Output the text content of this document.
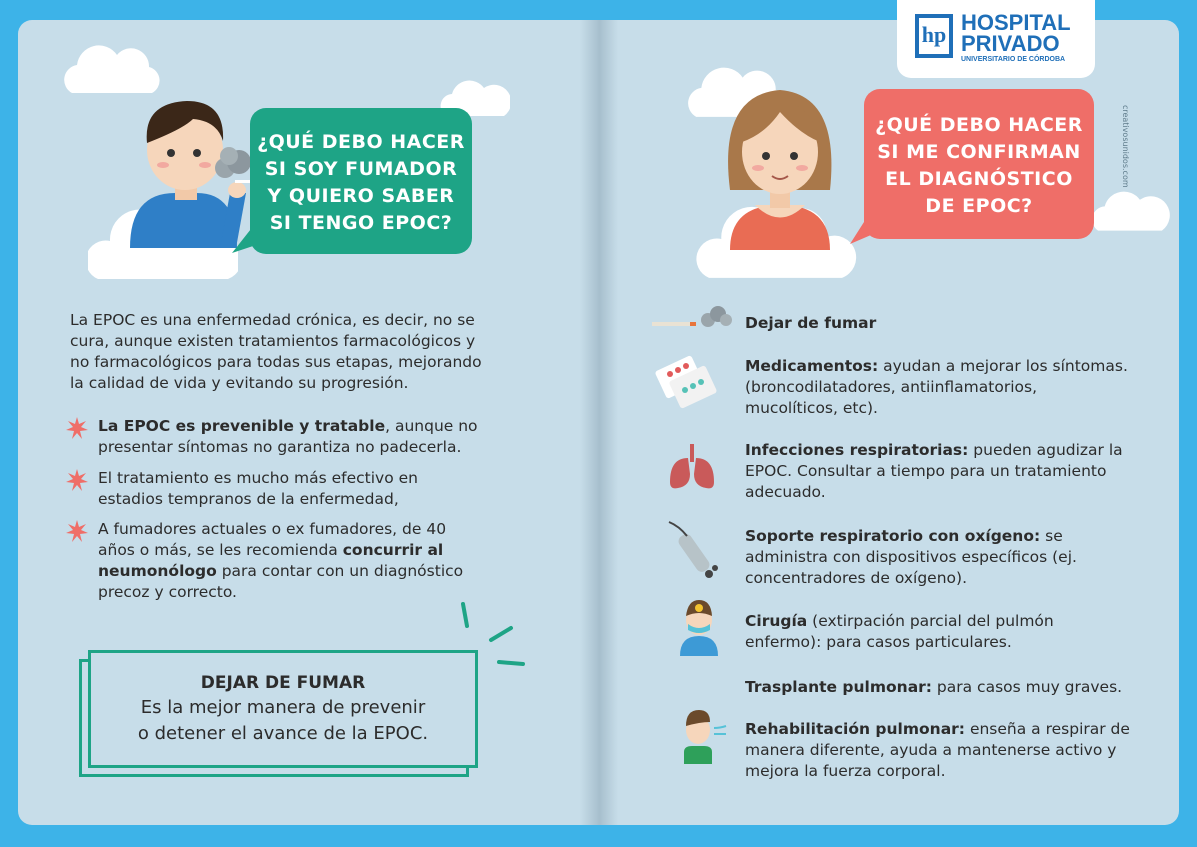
¿QUÉ DEBO HACER
SI SOY FUMADOR
Y QUIERO SABER
SI TENGO EPOC?
¿QUÉ DEBO HACER
SI ME CONFIRMAN
EL DIAGNÓSTICO
DE EPOC?
hp HOSPITAL
PRIVADO
UNIVERSITARIO DE CÓRDOBA
creativosunidos.com
La EPOC es una enfermedad crónica, es decir, no se
cura, aunque existen tratamientos farmacológicos y
no farmacológicos para todas sus etapas, mejorando
la calidad de vida y evitando su progresión.
La EPOC es prevenible y tratable, aunque no
presentar síntomas no garantiza no padecerla.
El tratamiento es mucho más efectivo en
estadios tempranos de la enfermedad,
A fumadores actuales o ex fumadores, de 40
años o más, se les recomienda concurrir al
neumonólogo para contar con un diagnóstico
precoz y correcto.
DEJAR DE FUMAR
Es la mejor manera de prevenir
o detener el avance de la EPOC.
Dejar de fumar
Medicamentos: ayudan a mejorar los síntomas.
(broncodilatadores, antiinflamatorios,
mucolíticos, etc).
Infecciones respiratorias: pueden agudizar la
EPOC. Consultar a tiempo para un tratamiento
adecuado.
Soporte respiratorio con oxígeno: se
administra con dispositivos específicos (ej.
concentradores de oxígeno).
Cirugía (extirpación parcial del pulmón
enfermo): para casos particulares.
Trasplante pulmonar: para casos muy graves.
Rehabilitación pulmonar: enseña a respirar de
manera diferente, ayuda a mantenerse activo y
mejora la fuerza corporal.
